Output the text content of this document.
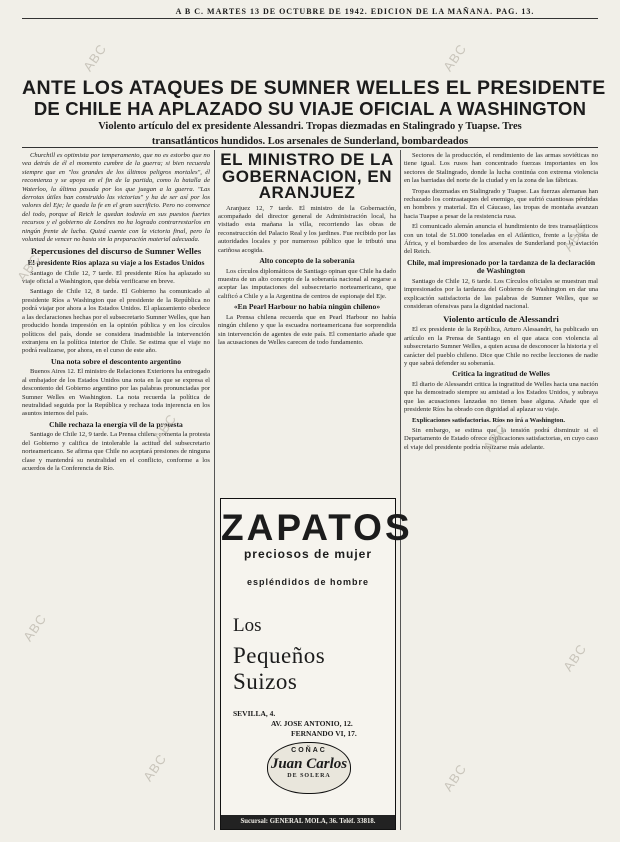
A B C. MARTES 13 DE OCTUBRE DE 1942. EDICION DE LA MAÑANA. PAG. 13.
ANTE LOS ATAQUES DE SUMNER WELLES EL PRESIDENTE
DE CHILE HA APLAZADO SU VIAJE OFICIAL A WASHINGTON
Violento artículo del ex presidente Alessandri. Tropas diezmadas en Stalingrado y Tuapse. Tres
transatlánticos hundidos. Los arsenales de Sunderland, bombardeados

Churchill es optimista por temperamento, que no es estorbo que no vea detrás de él el momento cumbre de la guerra; si bien recuerda siempre que en "los grandes de los últimos peligros mortales", él recomienza y se apoya en el fin de la partida, como la batalla de Waterloo, la última pasada por los que juegan a la guerra. "Las derrotas útiles han construido las victorias" y ha de ser así por los valores del Eje; le queda la fe en el gran sacrificio. Pero no convence del todo, porque al Reich le quedan todavía en sus puestos fuertes recursos y el gobierno de Londres no ha logrado contrarrestarlos en ningún frente de lucha. Quizá cuente con la victoria final, pero la voluntad de vencer no basta sin la preparación material adecuada.

Repercusiones del discurso de Sumner Welles
El presidente Ríos aplaza su viaje a los Estados Unidos

Santiago de Chile 12, 7 tarde. El presidente Ríos ha aplazado su viaje oficial a Washington, que debía verificarse en breve.

Santiago de Chile 12, 8 tarde. El Gobierno ha comunicado al presidente Ríos a Washington que el presidente de la República no podrá viajar por ahora a los Estados Unidos. El aplazamiento obedece a las declaraciones hechas por el subsecretario Sumner Welles, que han producido honda impresión en la opinión pública y en los círculos políticos del país, donde se considera inadmisible la intervención extranjera en la política interior de Chile. Se estima que el viaje no podrá realizarse, por ahora, en el curso de este año.

Una nota sobre el descontento argentino

Buenos Aires 12. El ministro de Relaciones Exteriores ha entregado al embajador de los Estados Unidos una nota en la que se expresa el descontento del Gobierno argentino por las palabras pronunciadas por Sumner Welles en Washington. La nota recuerda la política de neutralidad seguida por la República y rechaza toda injerencia en los asuntos internos del país.

Chile rechaza la energía vil de la protesta

Santiago de Chile 12, 9 tarde. La Prensa chilena comenta la protesta del Gobierno y califica de intolerable la actitud del subsecretario norteamericano. Se afirma que Chile no aceptará presiones de ninguna clase y mantendrá su neutralidad en el conflicto, conforme a los acuerdos de la Conferencia de Río.

EL MINISTRO DE LA GOBERNACION, EN ARANJUEZ

Aranjuez 12, 7 tarde. El ministro de la Gobernación, acompañado del director general de Administración local, ha visitado esta mañana la villa, recorriendo las obras de reconstrucción del Palacio Real y los jardines. Fue recibido por las autoridades locales y por numeroso público que le tributó una cariñosa acogida.

Alto concepto de la soberanía

Los círculos diplomáticos de Santiago opinan que Chile ha dado muestra de un alto concepto de la soberanía nacional al negarse a aceptar las imputaciones del subsecretario norteamericano, que calificó a Chile y a la Argentina de centros de espionaje del Eje.

«En Pearl Harbour no había ningún chileno»

La Prensa chilena recuerda que en Pearl Harbour no había ningún chileno y que la escuadra norteamericana fue sorprendida sin intervención de agentes de este país. El comentario añade que las acusaciones de Welles carecen de todo fundamento.

ZAPATOS
preciosos de mujer
espléndidos de hombre
Los
Pequeños Suizos
SEVILLA, 4.
AV. JOSE ANTONIO, 12.
FERNANDO VI, 17.
COÑAC
Juan Carlos
DE SOLERA
Sucursal: GENERAL MOLA, 36. Teléf. 33818.

Sectores de la producción, el rendimiento de las armas soviéticas no tiene igual. Los rusos han concentrado fuerzas importantes en los sectores de Stalingrado, donde la lucha continúa con extrema violencia en las barriadas del norte de la ciudad y en la zona de las fábricas.

Tropas diezmadas en Stalingrado y Tuapse. Las fuerzas alemanas han rechazado los contraataques del enemigo, que sufrió cuantiosas pérdidas en hombres y material. En el Cáucaso, las tropas de montaña avanzan hacia Tuapse a pesar de la resistencia rusa.

El comunicado alemán anuncia el hundimiento de tres transatlánticos con un total de 51.000 toneladas en el Atlántico, frente a la costa de África, y el bombardeo de los arsenales de Sunderland por la aviación del Reich.

Chile, mal impresionado por la tardanza de la declaración de Washington

Santiago de Chile 12, 6 tarde. Los Círculos oficiales se muestran mal impresionados por la tardanza del Gobierno de Washington en dar una explicación satisfactoria de las palabras de Sumner Welles, que se consideran ofensivas para la dignidad nacional.

Violento artículo de Alessandri

El ex presidente de la República, Arturo Alessandri, ha publicado un artículo en la Prensa de Santiago en el que ataca con violencia al subsecretario Sumner Welles, a quien acusa de desconocer la historia y el carácter del pueblo chileno. Dice que Chile no recibe lecciones de nadie y que sabrá defender su soberanía.

Critica la ingratitud de Welles

El diario de Alessandri critica la ingratitud de Welles hacia una nación que ha demostrado siempre su amistad a los Estados Unidos, y subraya que las acusaciones lanzadas no tienen base alguna. Añade que el presidente Ríos ha obrado con dignidad al aplazar su viaje.

Explicaciones satisfactorias. Ríos no irá a Washington.

Sin embargo, se estima que la tensión podrá disminuir si el Departamento de Estado ofrece explicaciones satisfactorias, en cuyo caso el viaje del presidente podría realizarse más adelante.

ABC	ABC
ABC
ABC
ABC	ABC
ABC
ABC
ABC	ABC
